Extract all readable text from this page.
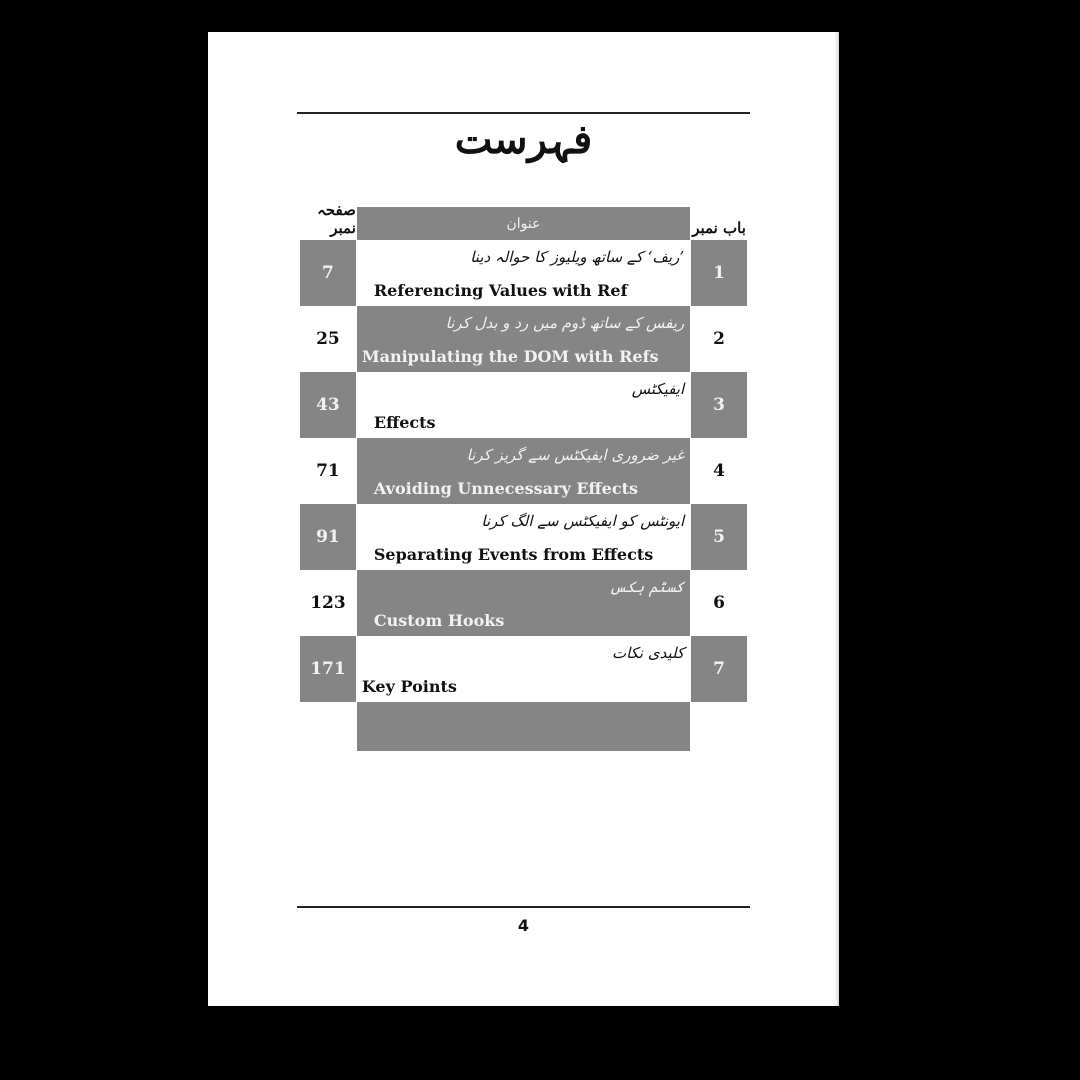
فہرست
صفحہ نمبر	عنوان	باب نمبر
7
’ریف‘ کے ساتھ ویلیوز کا حوالہ دینا
Referencing Values with Ref
1
25
ریفس کے ساتھ ڈوم میں رد و بدل کرنا
Manipulating the DOM with Refs
2
43
ایفیکٹس
Effects
3
71
غیر ضروری ایفیکٹس سے گریز کرنا
Avoiding Unnecessary Effects
4
91
ایونٹس کو ایفیکٹس سے الگ کرنا
Separating Events from Effects
5
123
کسٹم ہکس
Custom Hooks
6
171
کلیدی نکات
Key Points
7
4
